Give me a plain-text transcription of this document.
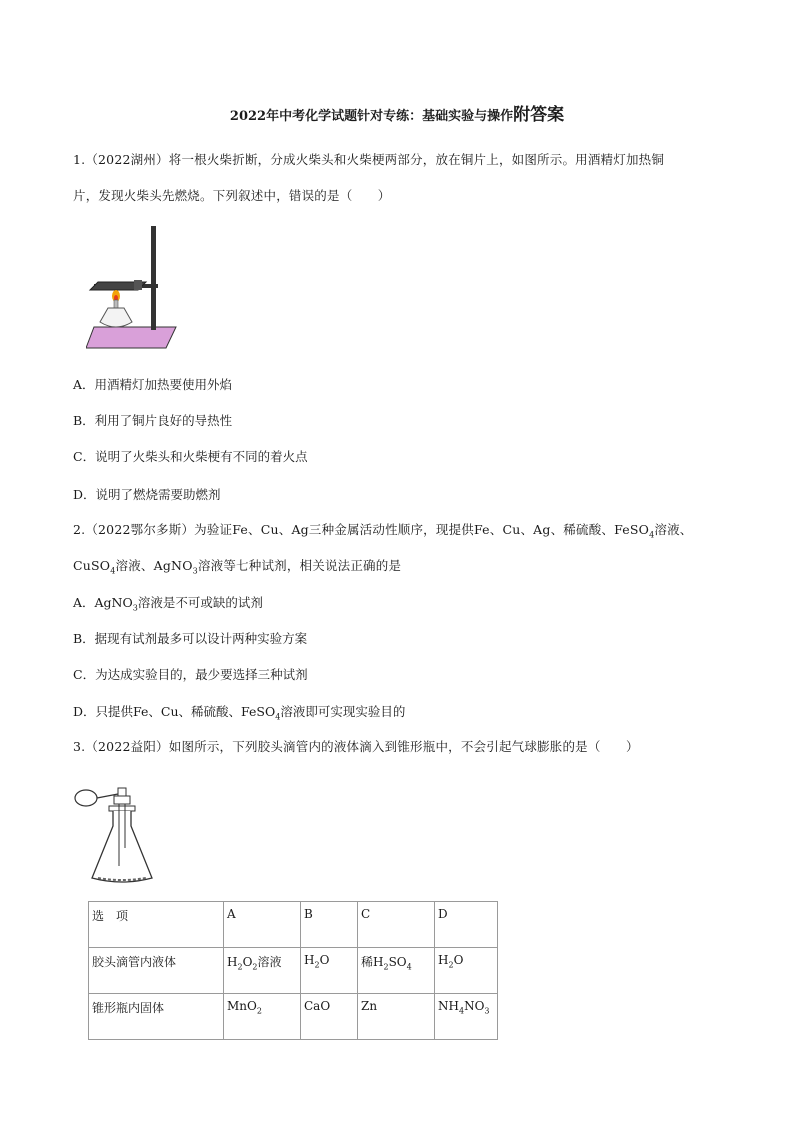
2022年中考化学试题针对专练：基础实验与操作附答案
1.（2022湖州）将一根火柴折断，分成火柴头和火柴梗两部分，放在铜片上，如图所示。用酒精灯加热铜
片，发现火柴头先燃烧。下列叙述中，错误的是（　　）
A．用酒精灯加热要使用外焰
B．利用了铜片良好的导热性
C．说明了火柴头和火柴梗有不同的着火点
D．说明了燃烧需要助燃剂
2.（2022鄂尔多斯）为验证Fe、Cu、Ag三种金属活动性顺序，现提供Fe、Cu、Ag、稀硫酸、FeSO$_4$溶液、
CuSO$_4$溶液、AgNO$_3$溶液等七种试剂，相关说法正确的是
A．AgNO$_3$溶液是不可或缺的试剂
B．据现有试剂最多可以设计两种实验方案
C．为达成实验目的，最少要选择三种试剂
D．只提供Fe、Cu、稀硫酸、FeSO$_4$溶液即可实现实验目的
3.（2022益阳）如图所示，下列胶头滴管内的液体滴入到锥形瓶中，不会引起气球膨胀的是（　　）
选　项	A	B	C	D
胶头滴管内液体	$H_2O_2$溶液	$H_2O$	稀$H_2SO_4$	$H_2O$
锥形瓶内固体	MnO$_2$	CaO	Zn	$NH_4NO_3$
